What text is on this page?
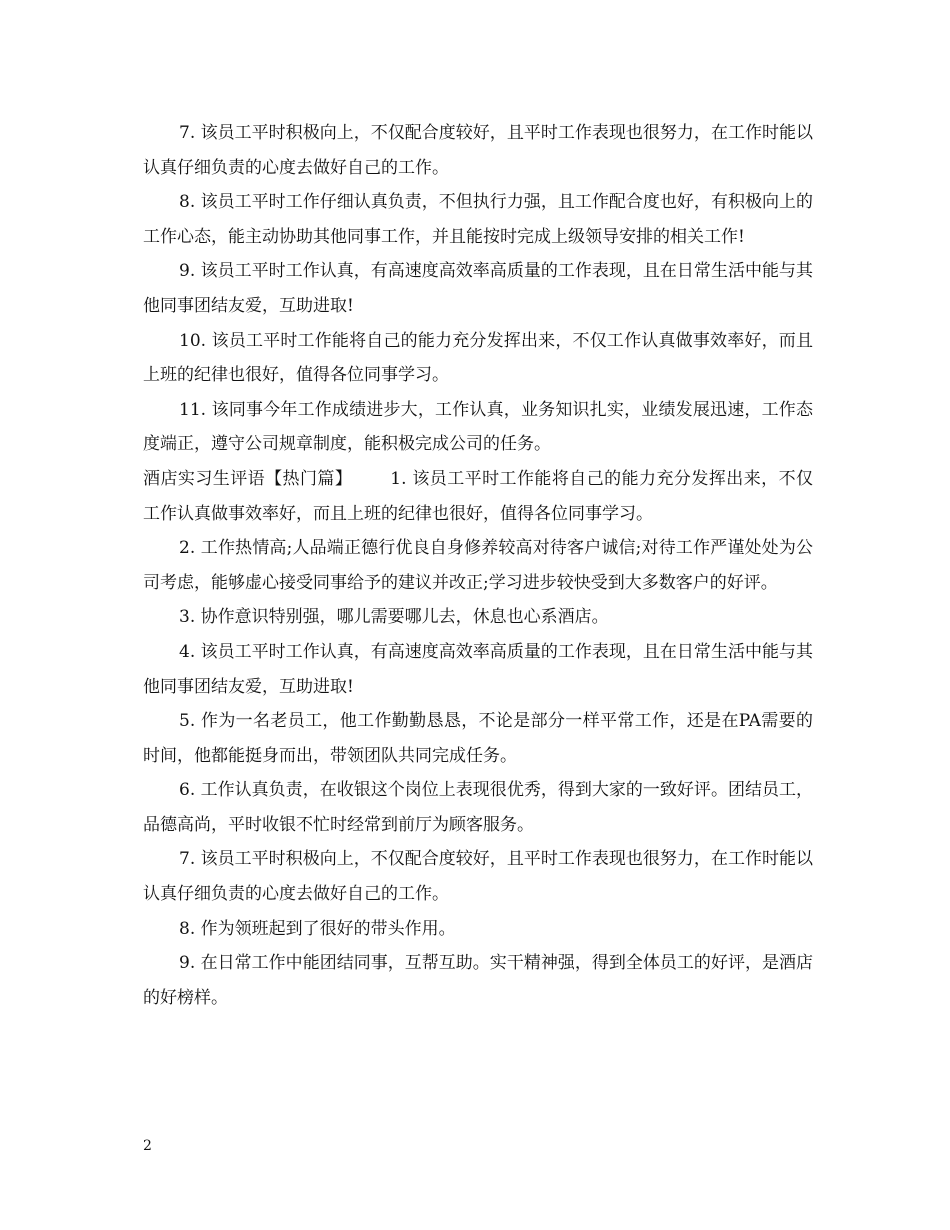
7. 该员工平时积极向上，不仅配合度较好，且平时工作表现也很努力，在工作时能以认真仔细负责的心度去做好自己的工作。

8. 该员工平时工作仔细认真负责，不但执行力强，且工作配合度也好，有积极向上的工作心态，能主动协助其他同事工作，并且能按时完成上级领导安排的相关工作!

9. 该员工平时工作认真，有高速度高效率高质量的工作表现，且在日常生活中能与其他同事团结友爱，互助进取!

10. 该员工平时工作能将自己的能力充分发挥出来，不仅工作认真做事效率好，而且上班的纪律也很好，值得各位同事学习。

11. 该同事今年工作成绩进步大，工作认真，业务知识扎实，业绩发展迅速，工作态度端正，遵守公司规章制度，能积极完成公司的任务。

酒店实习生评语【热门篇】 1. 该员工平时工作能将自己的能力充分发挥出来，不仅工作认真做事效率好，而且上班的纪律也很好，值得各位同事学习。

2. 工作热情高;人品端正德行优良自身修养较高对待客户诚信;对待工作严谨处处为公司考虑，能够虚心接受同事给予的建议并改正;学习进步较快受到大多数客户的好评。

3. 协作意识特别强，哪儿需要哪儿去，休息也心系酒店。

4. 该员工平时工作认真，有高速度高效率高质量的工作表现，且在日常生活中能与其他同事团结友爱，互助进取!

5. 作为一名老员工，他工作勤勤恳恳，不论是部分一样平常工作，还是在PA需要的时间，他都能挺身而出，带领团队共同完成任务。

6. 工作认真负责，在收银这个岗位上表现很优秀，得到大家的一致好评。团结员工，品德高尚，平时收银不忙时经常到前厅为顾客服务。

7. 该员工平时积极向上，不仅配合度较好，且平时工作表现也很努力，在工作时能以认真仔细负责的心度去做好自己的工作。

8. 作为领班起到了很好的带头作用。

9. 在日常工作中能团结同事，互帮互助。实干精神强，得到全体员工的好评，是酒店的好榜样。

2
